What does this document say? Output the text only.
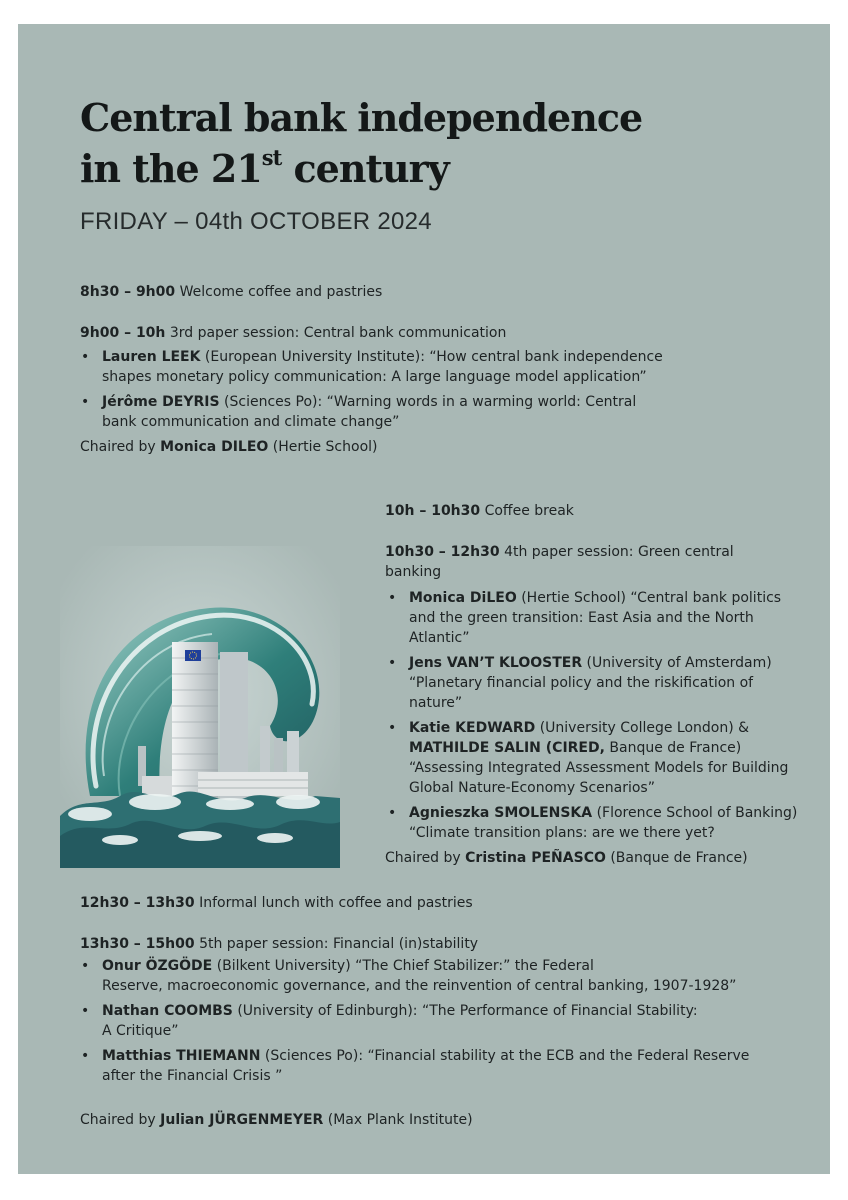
Central bank independence
in the 21st century
FRIDAY – 04th OCTOBER 2024

8h30 – 9h00 Welcome coffee and pastries

9h00 – 10h 3rd paper session: Central bank communication

• Lauren LEEK (European University Institute): “How central bank independence
shapes monetary policy communication: A large language model application”
• Jérôme DEYRIS (Sciences Po): “Warning words in a warming world: Central
bank communication and climate change”

Chaired by Monica DILEO (Hertie School)

10h – 10h30 Coffee break

10h30 – 12h30 4th paper session: Green central
banking

• Monica DiLEO (Hertie School) “Central bank politics
and the green transition: East Asia and the North
Atlantic”
• Jens VAN’T KLOOSTER (University of Amsterdam)
“Planetary financial policy and the riskification of
nature”
• Katie KEDWARD (University College London) &
MATHILDE SALIN (CIRED, Banque de France)
“Assessing Integrated Assessment Models for Building
Global Nature-Economy Scenarios”
• Agnieszka SMOLENSKA (Florence School of Banking)
“Climate transition plans: are we there yet?

Chaired by Cristina PEÑASCO (Banque de France)

12h30 – 13h30 Informal lunch with coffee and pastries

13h30 – 15h00 5th paper session: Financial (in)stability

• Onur ÖZGÖDE (Bilkent University) “The Chief Stabilizer:” the Federal
Reserve, macroeconomic governance, and the reinvention of central banking, 1907-1928”
• Nathan COOMBS (University of Edinburgh): “The Performance of Financial Stability:
A Critique”
• Matthias THIEMANN (Sciences Po): “Financial stability at the ECB and the Federal Reserve
after the Financial Crisis ”

Chaired by Julian JÜRGENMEYER (Max Plank Institute)
